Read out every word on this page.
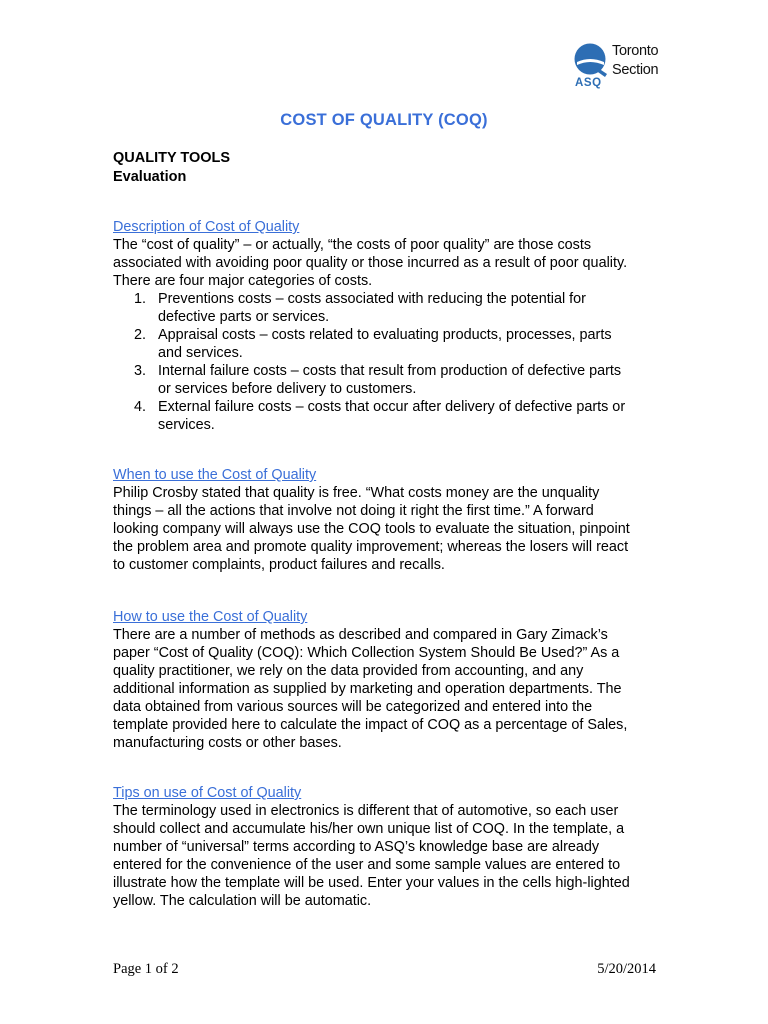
Toronto
Section
ASQ
COST OF QUALITY (COQ)
QUALITY TOOLS
Evaluation
Description of Cost of Quality
The “cost of quality” – or actually, “the costs of poor quality” are those costs
associated with avoiding poor quality or those incurred as a result of poor quality.
There are four major categories of costs.
1. Preventions costs – costs associated with reducing the potential for
defective parts or services.
2. Appraisal costs – costs related to evaluating products, processes, parts
and services.
3. Internal failure costs – costs that result from production of defective parts
or services before delivery to customers.
4. External failure costs – costs that occur after delivery of defective parts or
services.
When to use the Cost of Quality
Philip Crosby stated that quality is free. “What costs money are the unquality
things – all the actions that involve not doing it right the first time.” A forward
looking company will always use the COQ tools to evaluate the situation, pinpoint
the problem area and promote quality improvement; whereas the losers will react
to customer complaints, product failures and recalls.
How to use the Cost of Quality
There are a number of methods as described and compared in Gary Zimack’s
paper “Cost of Quality (COQ): Which Collection System Should Be Used?” As a
quality practitioner, we rely on the data provided from accounting, and any
additional information as supplied by marketing and operation departments. The
data obtained from various sources will be categorized and entered into the
template provided here to calculate the impact of COQ as a percentage of Sales,
manufacturing costs or other bases.
Tips on use of Cost of Quality
The terminology used in electronics is different that of automotive, so each user
should collect and accumulate his/her own unique list of COQ. In the template, a
number of “universal” terms according to ASQ’s knowledge base are already
entered for the convenience of the user and some sample values are entered to
illustrate how the template will be used. Enter your values in the cells high-lighted
yellow. The calculation will be automatic.
Page 1 of 2	5/20/2014
